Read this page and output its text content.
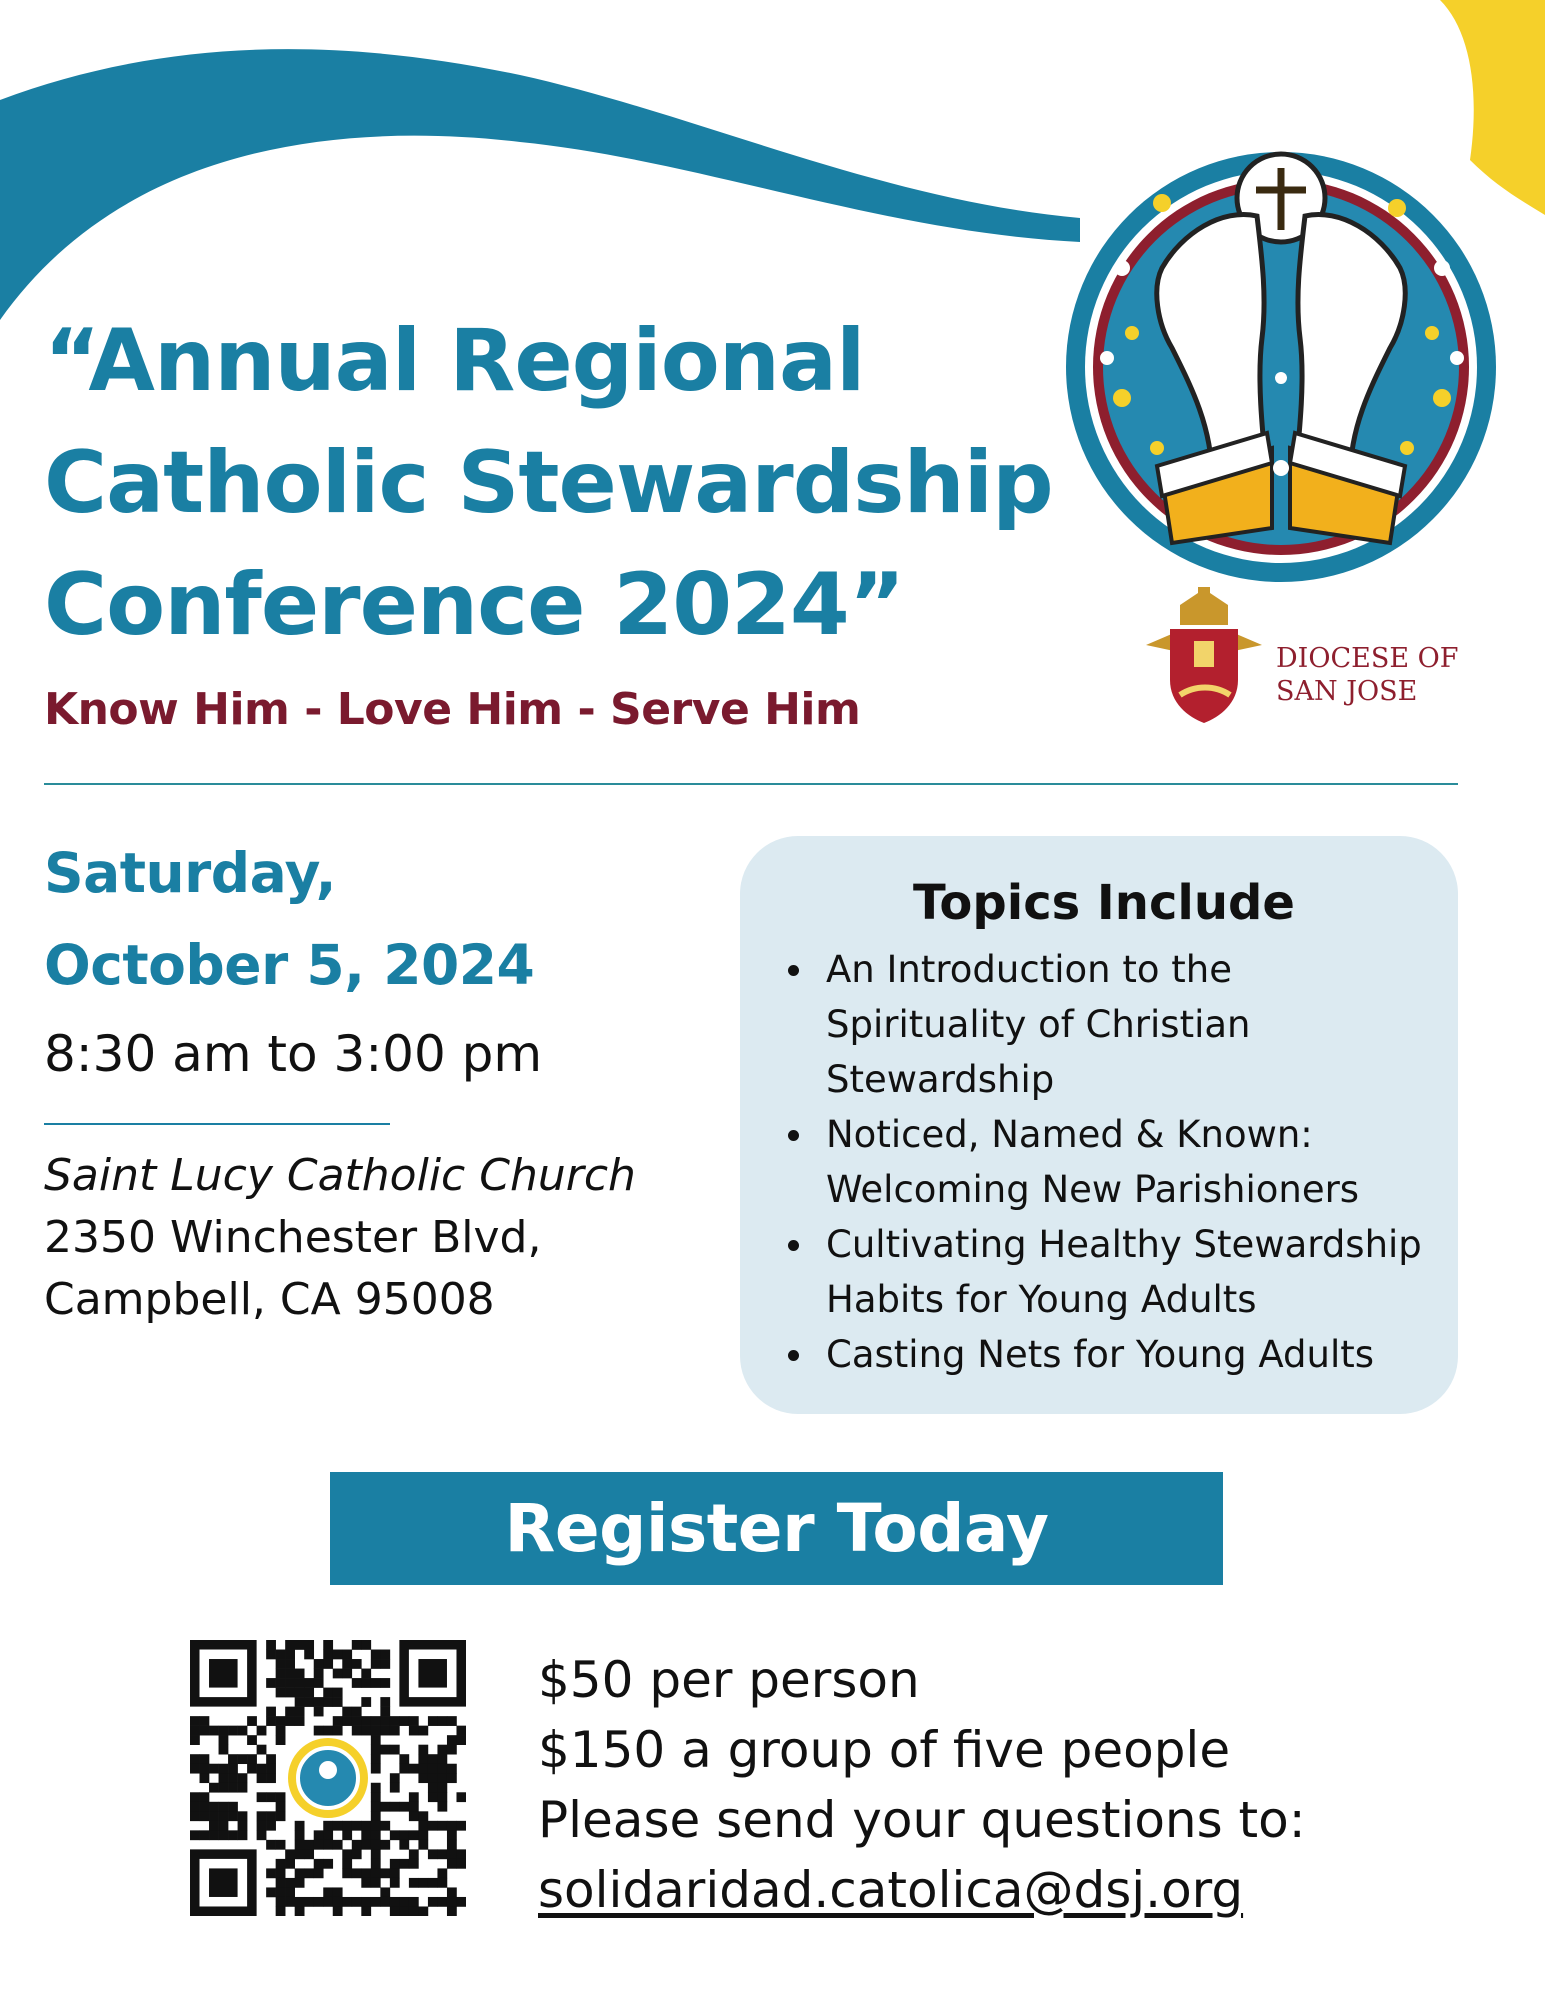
“Annual Regional
Catholic Stewardship
Conference 2024”

Know Him - Love Him - Serve Him

DIOCESE OF
SAN JOSE

Saturday,

October 5, 2024

8:30 am to 3:00 pm

Saint Lucy Catholic Church
2350 Winchester Blvd,
Campbell, CA 95008

Topics Include
An Introduction to the Spirituality of Christian Stewardship
Noticed, Named & Known: Welcoming New Parishioners
Cultivating Healthy Stewardship Habits for Young Adults
Casting Nets for Young Adults
Register Today

$50 per person
$150 a group of five people
Please send your questions to:
solidaridad.catolica@dsj.org
